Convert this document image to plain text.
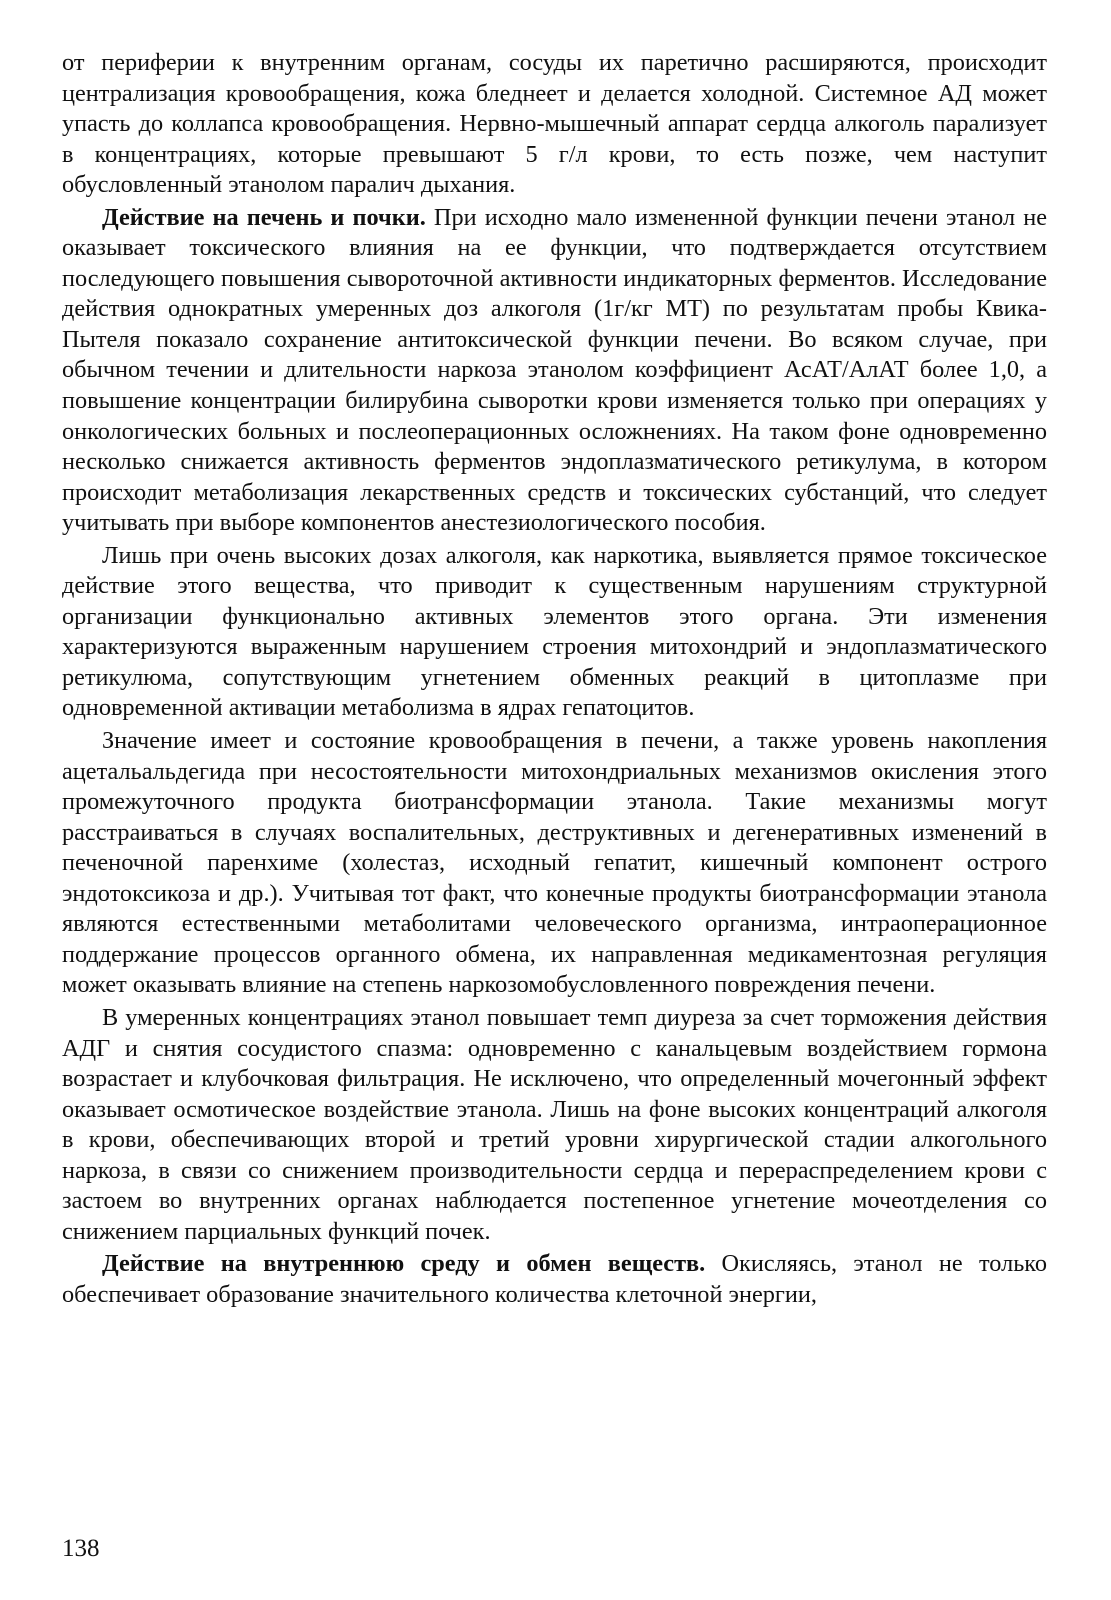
от периферии к внутренним органам, сосуды их паретично расширяются, происходит централизация кровообращения, кожа бледнеет и делается холодной. Системное АД может упасть до коллапса кровообращения. Нервно-мышечный аппарат сердца алкоголь парализует в концентрациях, которые превышают 5 г/л крови, то есть позже, чем наступит обусловленный этанолом паралич дыхания.

Действие на печень и почки. При исходно мало измененной функции печени этанол не оказывает токсического влияния на ее функции, что подтверждается отсутствием последующего повышения сывороточной активности индикаторных ферментов. Исследование действия однократных умеренных доз алкоголя (1г/кг МТ) по результатам пробы Квика-Пытеля показало сохранение антитоксической функции печени. Во всяком случае, при обычном течении и длительности наркоза этанолом коэффициент АсАТ/АлАТ более 1,0, а повышение концентрации билирубина сыворотки крови изменяется только при операциях у онкологических больных и послеоперационных осложнениях. На таком фоне одновременно несколько снижается активность ферментов эндоплазматического ретикулума, в котором происходит метаболизация лекарственных средств и токсических субстанций, что следует учитывать при выборе компонентов анестезиологического пособия.

Лишь при очень высоких дозах алкоголя, как наркотика, выявляется прямое токсическое действие этого вещества, что приводит к существенным нарушениям структурной организации функционально активных элементов этого органа. Эти изменения характеризуются выраженным нарушением строения митохондрий и эндоплазматического ретикулюма, сопутствующим угнетением обменных реакций в цитоплазме при одновременной активации метаболизма в ядрах гепатоцитов.

Значение имеет и состояние кровообращения в печени, а также уровень накопления ацетальальдегида при несостоятельности митохондриальных механизмов окисления этого промежуточного продукта биотрансформации этанола. Такие механизмы могут расстраиваться в случаях воспалительных, деструктивных и дегенеративных изменений в печеночной паренхиме (холестаз, исходный гепатит, кишечный компонент острого эндотоксикоза и др.). Учитывая тот факт, что конечные продукты биотрансформации этанола являются естественными метаболитами человеческого организма, интраоперационное поддержание процессов органного обмена, их направленная медикаментозная регуляция может оказывать влияние на степень наркозомобусловленного повреждения печени.

В умеренных концентрациях этанол повышает темп диуреза за счет торможения действия АДГ и снятия сосудистого спазма: одновременно с канальцевым воздействием гормона возрастает и клубочковая фильтрация. Не исключено, что определенный мочегонный эффект оказывает осмотическое воздействие этанола. Лишь на фоне высоких концентраций алкоголя в крови, обеспечивающих второй и третий уровни хирургической стадии алкогольного наркоза, в связи со снижением производительности сердца и перераспределением крови с застоем во внутренних органах наблюдается постепенное угнетение мочеотделения со снижением парциальных функций почек.

Действие на внутреннюю среду и обмен веществ. Окисляясь, этанол не только обеспечивает образование значительного количества клеточной энергии,

138
